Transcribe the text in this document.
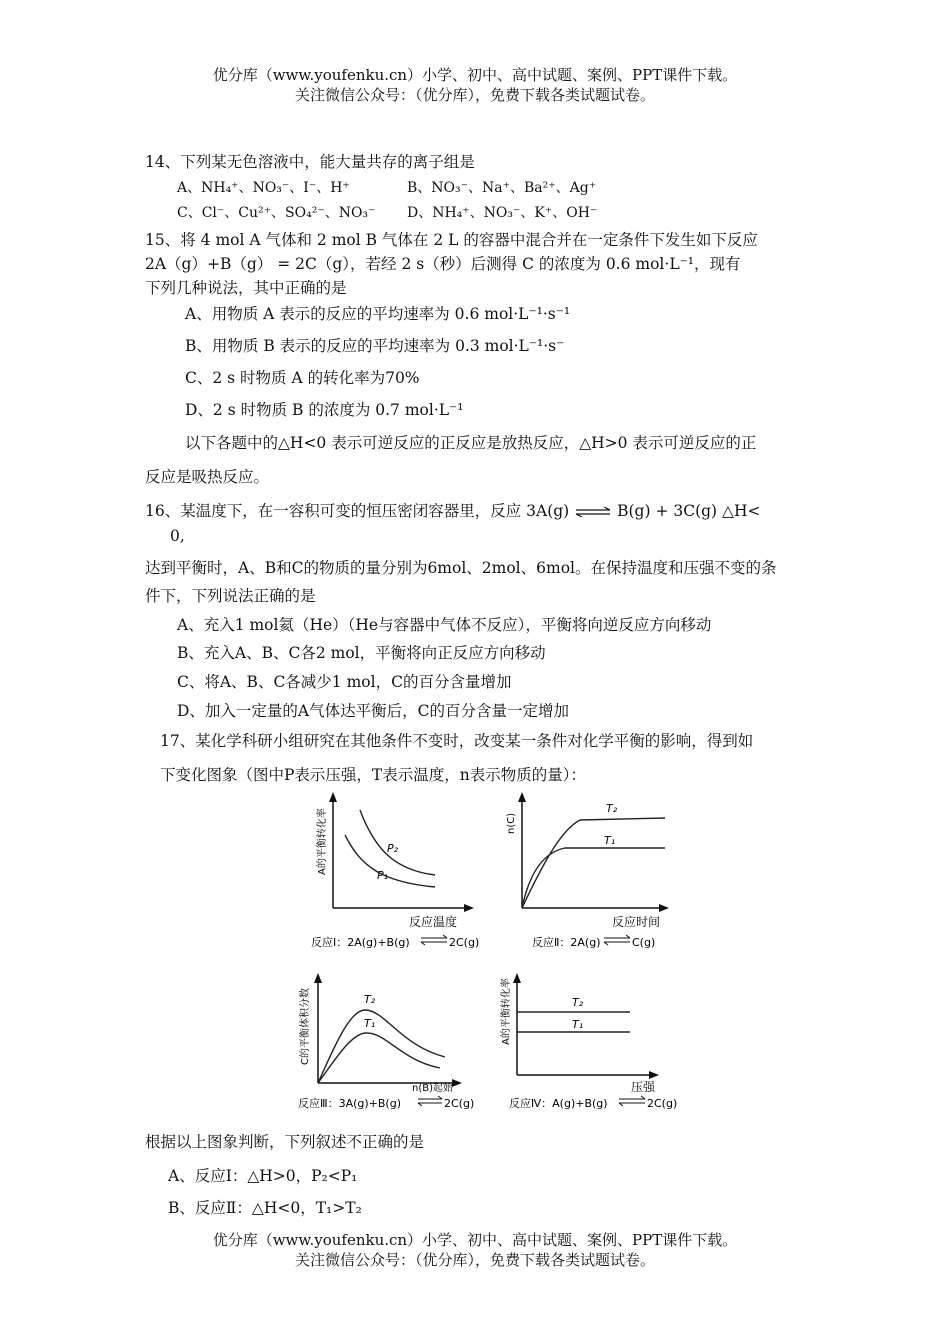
优分库（www.youfenku.cn）小学、初中、高中试题、案例、PPT课件下载。
关注微信公众号：（优分库），免费下载各类试题试卷。
14、下列某无色溶液中，能大量共存的离子组是
A、NH₄⁺、NO₃⁻、I⁻、H⁺	B、NO₃⁻、Na⁺、Ba²⁺、Ag⁺
C、Cl⁻、Cu²⁺、SO₄²⁻、NO₃⁻ D、NH₄⁺、NO₃⁻、K⁺、OH⁻
15、将 4 mol A 气体和 2 mol B 气体在 2 L 的容器中混合并在一定条件下发生如下反应
2A（g）+B（g） = 2C（g），若经 2 s（秒）后测得 C 的浓度为 0.6 mol·L⁻¹，现有
下列几种说法，其中正确的是
A、用物质 A 表示的反应的平均速率为 0.6 mol·L⁻¹·s⁻¹
B、用物质 B 表示的反应的平均速率为 0.3 mol·L⁻¹·s⁻
C、2 s 时物质 A 的转化率为70%
D、2 s 时物质 B 的浓度为 0.7 mol·L⁻¹
以下各题中的△H<0 表示可逆反应的正反应是放热反应，△H>0 表示可逆反应的正
反应是吸热反应。
16、某温度下，在一容积可变的恒压密闭容器里，反应 3A(g) ⇌ B(g) + 3C(g) △H<
0,
达到平衡时，A、B和C的物质的量分别为6mol、2mol、6mol。在保持温度和压强不变的条
件下，下列说法正确的是
A、充入1 mol氦（He）（He与容器中气体不反应），平衡将向逆反应方向移动
B、充入A、B、C各2 mol，平衡将向正反应方向移动
C、将A、B、C各减少1 mol，C的百分含量增加
D、加入一定量的A气体达平衡后，C的百分含量一定增加
17、某化学科研小组研究在其他条件不变时，改变某一条件对化学平衡的影响，得到如
下变化图象（图中P表示压强，T表示温度，n表示物质的量）：
P₂
P₁
A的平衡转化率
反应温度
反应Ⅰ：2A(g)+B(g)	2C(g)
T₂
T₁
n(C)
反应时间
反应Ⅱ：2A(g)	C(g)
T₂
T₁
C的平衡体积分数
n(B)起始
反应Ⅲ：3A(g)+B(g)	2C(g)
T₂
T₁
A的平衡转化率
压强
反应Ⅳ：A(g)+B(g)	2C(g)
根据以上图象判断，下列叙述不正确的是
A、反应Ⅰ：△H>0，P₂<P₁
B、反应Ⅱ：△H<0，T₁>T₂
优分库（www.youfenku.cn）小学、初中、高中试题、案例、PPT课件下载。
关注微信公众号：（优分库），免费下载各类试题试卷。
